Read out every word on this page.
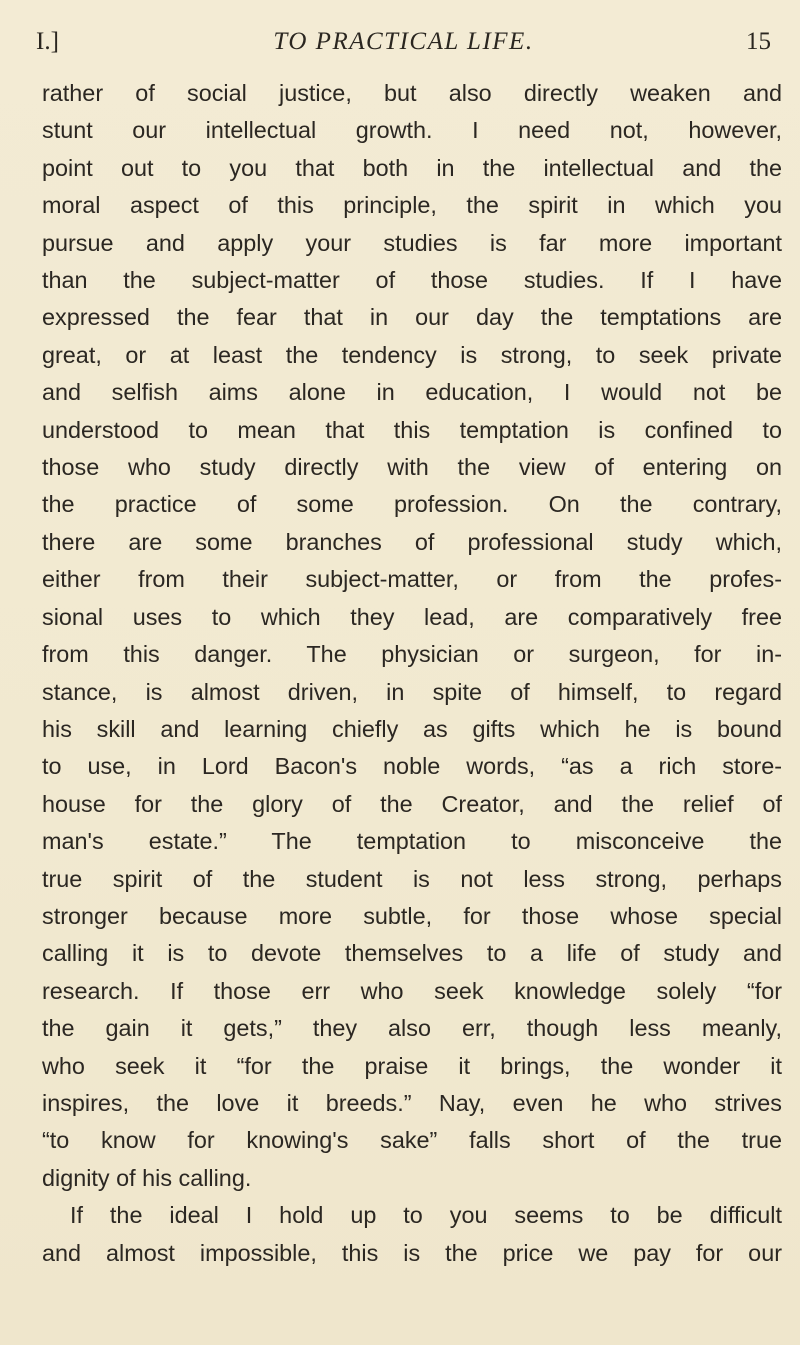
I.]	TO PRACTICAL LIFE.	15
rather of social justice, but also directly weaken and
stunt our intellectual growth. I need not, however,
point out to you that both in the intellectual and the
moral aspect of this principle, the spirit in which you
pursue and apply your studies is far more important
than the subject-matter of those studies. If I have
expressed the fear that in our day the temptations are
great, or at least the tendency is strong, to seek private
and selfish aims alone in education, I would not be
understood to mean that this temptation is confined to
those who study directly with the view of entering on
the practice of some profession. On the contrary,
there are some branches of professional study which,
either from their subject-matter, or from the profes-
sional uses to which they lead, are comparatively free
from this danger. The physician or surgeon, for in-
stance, is almost driven, in spite of himself, to regard
his skill and learning chiefly as gifts which he is bound
to use, in Lord Bacon's noble words, “as a rich store-
house for the glory of the Creator, and the relief of
man's estate.” The temptation to misconceive the
true spirit of the student is not less strong, perhaps
stronger because more subtle, for those whose special
calling it is to devote themselves to a life of study and
research. If those err who seek knowledge solely “for
the gain it gets,” they also err, though less meanly,
who seek it “for the praise it brings, the wonder it
inspires, the love it breeds.” Nay, even he who strives
“to know for knowing's sake” falls short of the true
dignity of his calling.
If the ideal I hold up to you seems to be difficult
and almost impossible, this is the price we pay for our
